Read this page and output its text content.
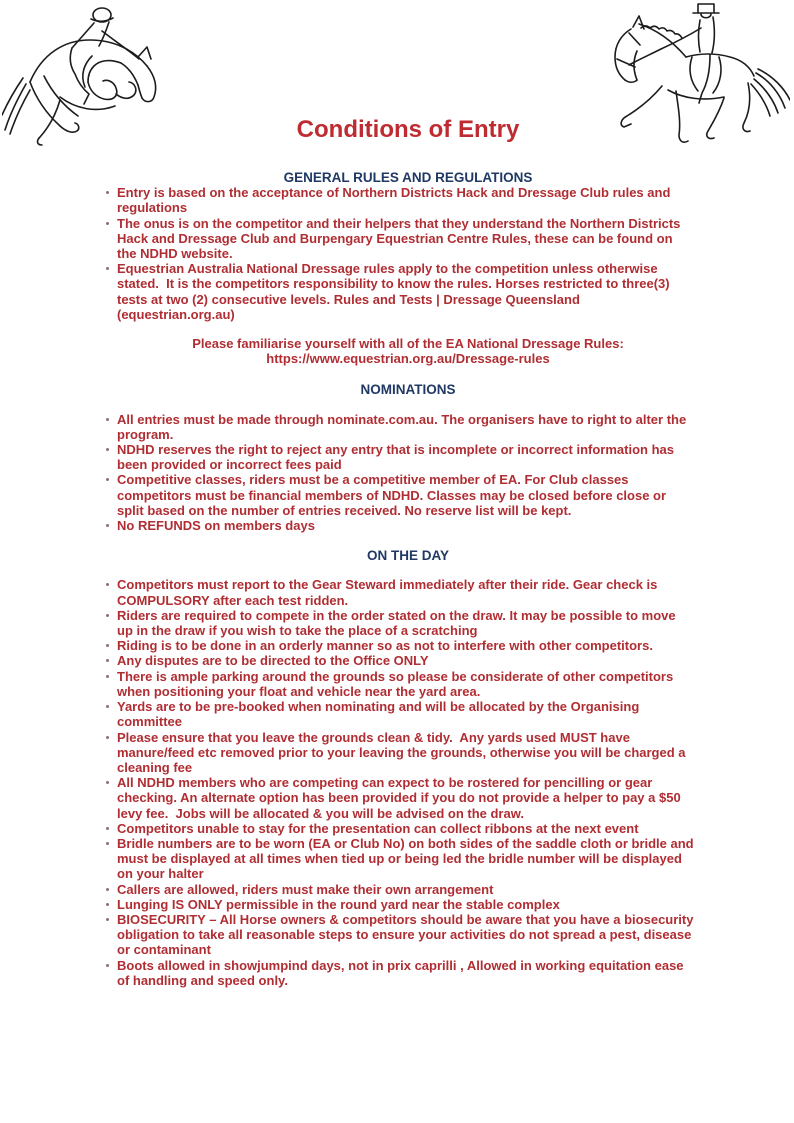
Conditions of Entry
GENERAL RULES AND REGULATIONS
Entry is based on the acceptance of Northern Districts Hack and Dressage Club rules and regulations
The onus is on the competitor and their helpers that they understand the Northern Districts Hack and Dressage Club and Burpengary Equestrian Centre Rules, these can be found on the NDHD website.
Equestrian Australia National Dressage rules apply to the competition unless otherwise stated.  It is the competitors responsibility to know the rules. Horses restricted to three(3) tests at two (2) consecutive levels. Rules and Tests | Dressage Queensland (equestrian.org.au)
Please familiarise yourself with all of the EA National Dressage Rules:
https://www.equestrian.org.au/Dressage-rules
NOMINATIONS
All entries must be made through nominate.com.au. The organisers have to right to alter the program.
NDHD reserves the right to reject any entry that is incomplete or incorrect information has been provided or incorrect fees paid
Competitive classes, riders must be a competitive member of EA. For Club classes competitors must be financial members of NDHD. Classes may be closed before close or split based on the number of entries received. No reserve list will be kept.
No REFUNDS on members days
ON THE DAY
Competitors must report to the Gear Steward immediately after their ride. Gear check is COMPULSORY after each test ridden.
Riders are required to compete in the order stated on the draw. It may be possible to move up in the draw if you wish to take the place of a scratching
Riding is to be done in an orderly manner so as not to interfere with other competitors.
Any disputes are to be directed to the Office ONLY
There is ample parking around the grounds so please be considerate of other competitors when positioning your float and vehicle near the yard area.
Yards are to be pre-booked when nominating and will be allocated by the Organising committee
Please ensure that you leave the grounds clean & tidy.  Any yards used MUST have manure/feed etc removed prior to your leaving the grounds, otherwise you will be charged a cleaning fee
All NDHD members who are competing can expect to be rostered for pencilling or gear checking. An alternate option has been provided if you do not provide a helper to pay a $50 levy fee.  Jobs will be allocated & you will be advised on the draw.
Competitors unable to stay for the presentation can collect ribbons at the next event
Bridle numbers are to be worn (EA or Club No) on both sides of the saddle cloth or bridle and must be displayed at all times when tied up or being led the bridle number will be displayed on your halter
Callers are allowed, riders must make their own arrangement
Lunging IS ONLY permissible in the round yard near the stable complex
BIOSECURITY – All Horse owners & competitors should be aware that you have a biosecurity obligation to take all reasonable steps to ensure your activities do not spread a pest, disease or contaminant
Boots allowed in showjumpind days, not in prix caprilli , Allowed in working equitation ease of handling and speed only.
